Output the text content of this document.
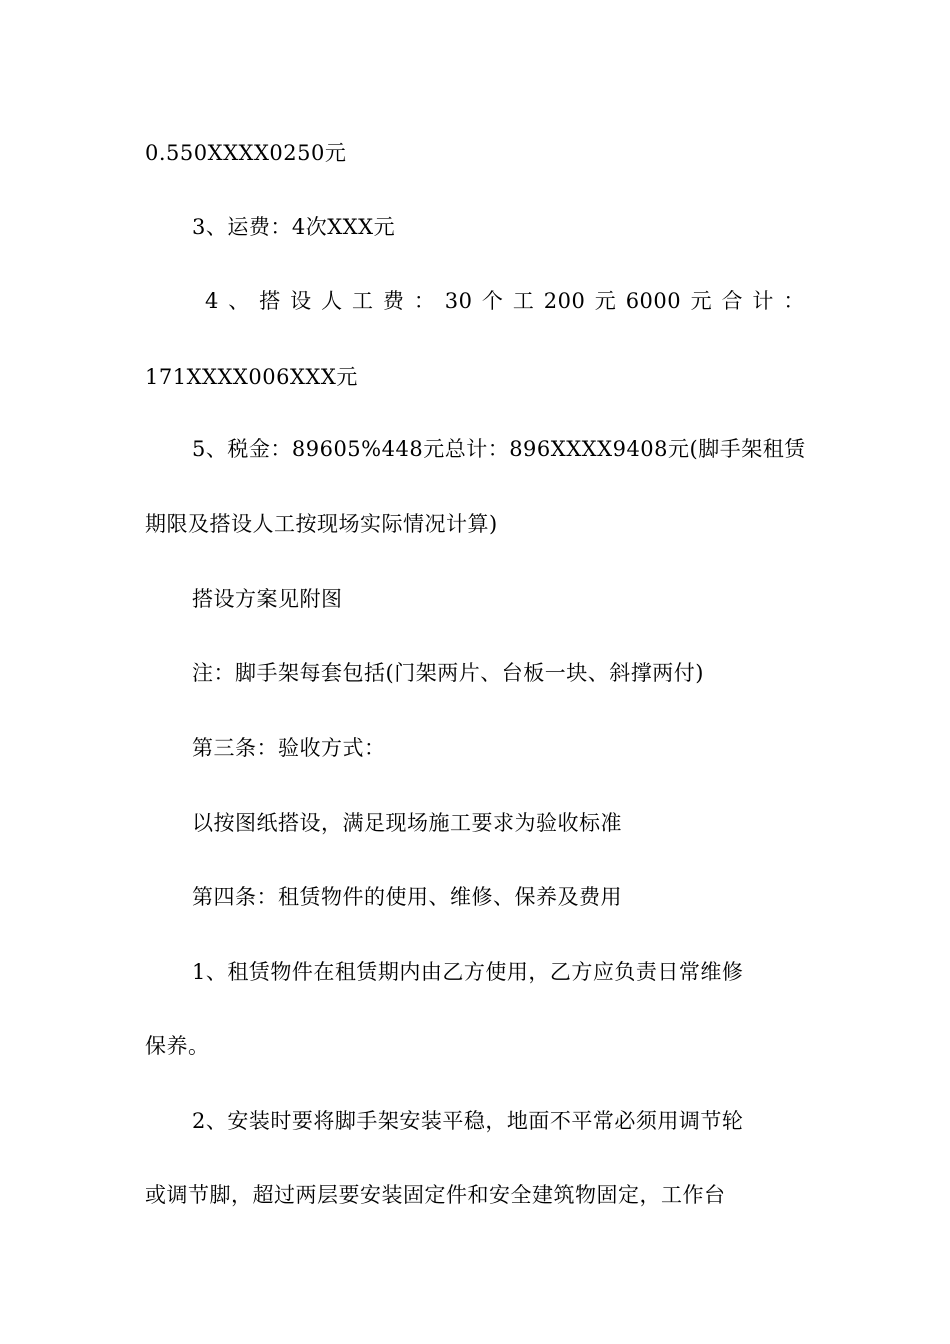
0.550XXXX0250元
3、运费：4次XXX元
4 、 搭 设 人 工 费 ： 30 个 工 200 元 6000 元 合 计 ：
171XXXX006XXX元
5、税金：89605%448元总计：896XXXX9408元(脚手架租赁
期限及搭设人工按现场实际情况计算)
搭设方案见附图
注：脚手架每套包括(门架两片、台板一块、斜撑两付)
第三条：验收方式：
以按图纸搭设，满足现场施工要求为验收标准
第四条：租赁物件的使用、维修、保养及费用
1、租赁物件在租赁期内由乙方使用，乙方应负责日常维修
保养。
2、安装时要将脚手架安装平稳，地面不平常必须用调节轮
或调节脚，超过两层要安装固定件和安全建筑物固定，工作台
